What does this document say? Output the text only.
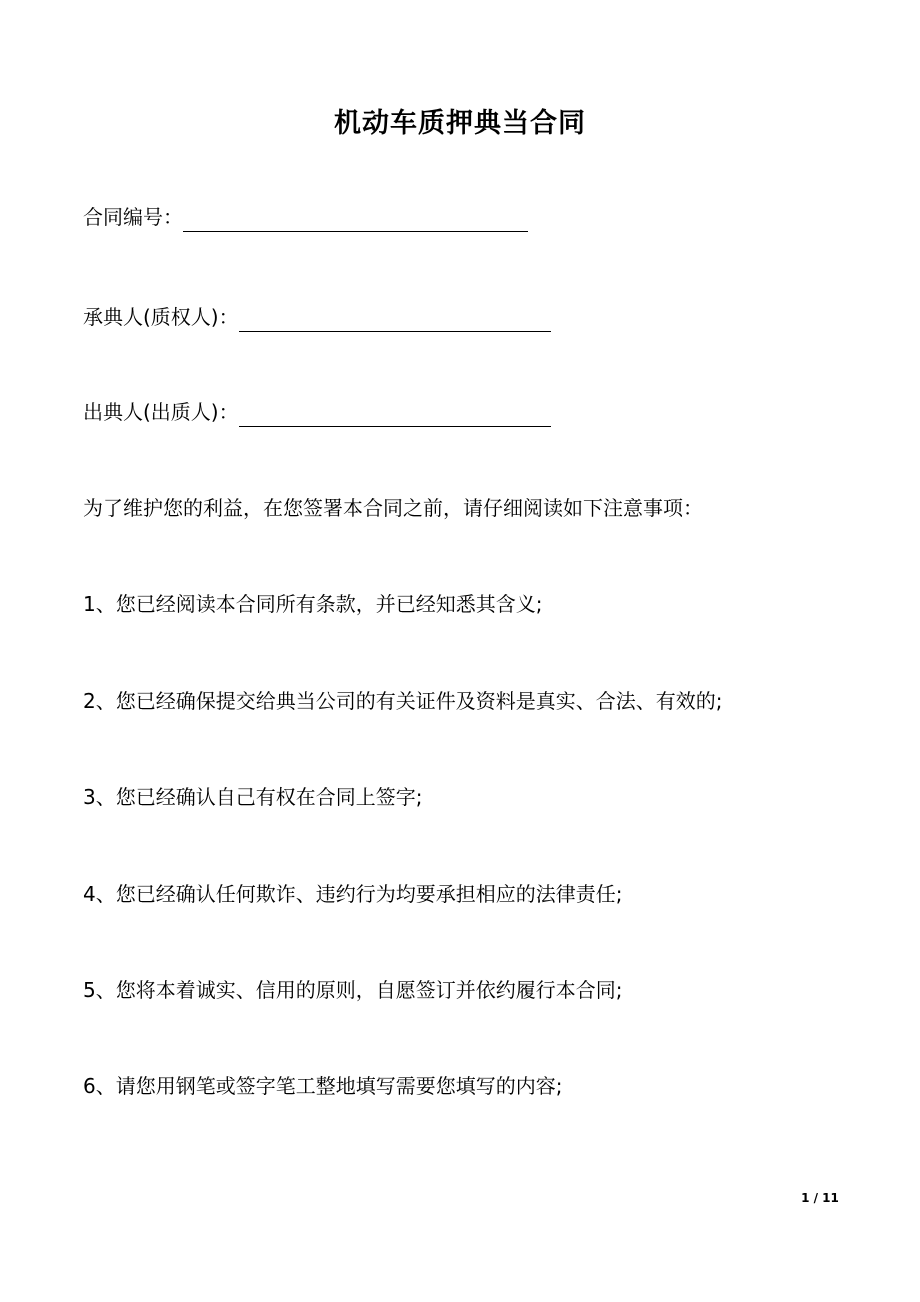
机动车质押典当合同
合同编号：
承典人(质权人)：
出典人(出质人)：
为了维护您的利益，在您签署本合同之前，请仔细阅读如下注意事项：
1、您已经阅读本合同所有条款，并已经知悉其含义;
2、您已经确保提交给典当公司的有关证件及资料是真实、合法、有效的;
3、您已经确认自己有权在合同上签字;
4、您已经确认任何欺诈、违约行为均要承担相应的法律责任;
5、您将本着诚实、信用的原则，自愿签订并依约履行本合同;
6、请您用钢笔或签字笔工整地填写需要您填写的内容;
1 / 11
